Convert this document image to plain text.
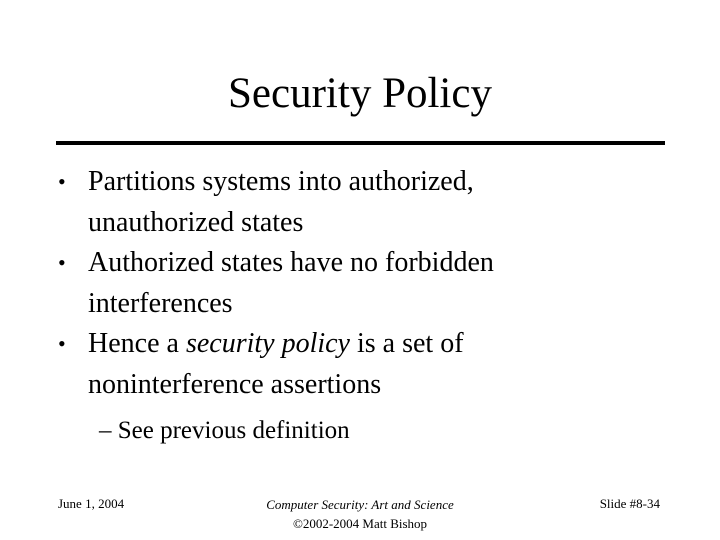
Security Policy
• Partitions systems into authorized,
unauthorized states
• Authorized states have no forbidden
interferences
• Hence a security policy is a set of
noninterference assertions
– See previous definition
June 1, 2004	Computer Security: Art and Science
©2002-2004 Matt Bishop
Slide #8-34
